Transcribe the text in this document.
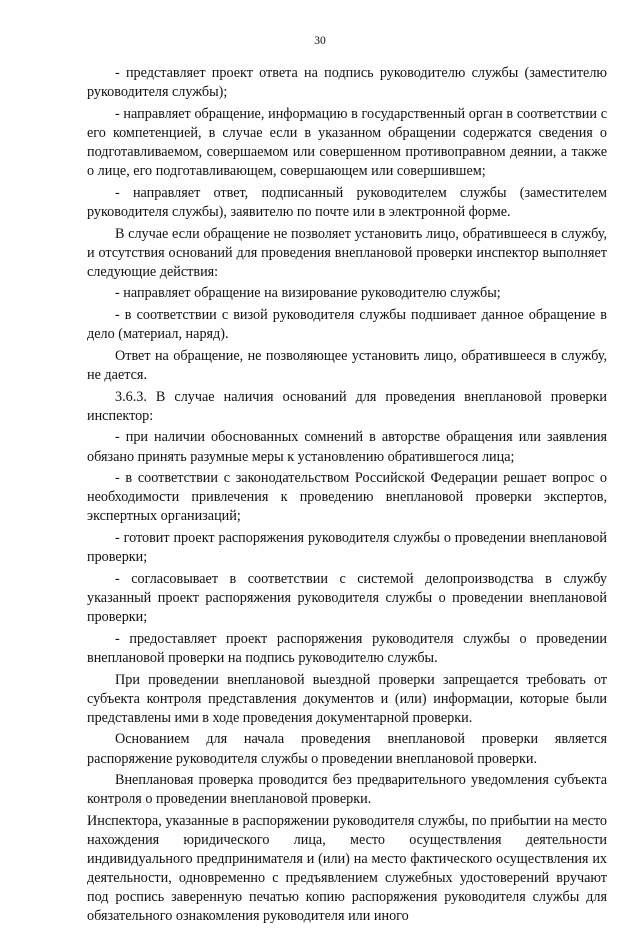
30

- представляет проект ответа на подпись руководителю службы (заместителю руководителя службы);

- направляет обращение, информацию в государственный орган в соответствии с его компетенцией, в случае если в указанном обращении содержатся сведения о подготавливаемом, совершаемом или совершенном противоправном деянии, а также о лице, его подготавливающем, совершающем или совершившем;

- направляет ответ, подписанный руководителем службы (заместителем руководителя службы), заявителю по почте или в электронной форме.

В случае если обращение не позволяет установить лицо, обратившееся в службу, и отсутствия оснований для проведения внеплановой проверки инспектор выполняет следующие действия:

- направляет обращение на визирование руководителю службы;

- в соответствии с визой руководителя службы подшивает данное обращение в дело (материал, наряд).

Ответ на обращение, не позволяющее установить лицо, обратившееся в службу, не дается.

3.6.3. В случае наличия оснований для проведения внеплановой проверки инспектор:

- при наличии обоснованных сомнений в авторстве обращения или заявления обязано принять разумные меры к установлению обратившегося лица;

- в соответствии с законодательством Российской Федерации решает вопрос о необходимости привлечения к проведению внеплановой проверки экспертов, экспертных организаций;

- готовит проект распоряжения руководителя службы о проведении внеплановой проверки;

- согласовывает в соответствии с системой делопроизводства в службу указанный проект распоряжения руководителя службы о проведении внеплановой проверки;

- предоставляет проект распоряжения руководителя службы о проведении внеплановой проверки на подпись руководителю службы.

При проведении внеплановой выездной проверки запрещается требовать от субъекта контроля представления документов и (или) информации, которые были представлены ими в ходе проведения документарной проверки.

Основанием для начала проведения внеплановой проверки является распоряжение руководителя службы о проведении внеплановой проверки.

Внеплановая проверка проводится без предварительного уведомления субъекта контроля о проведении внеплановой проверки.

Инспектора, указанные в распоряжении руководителя службы, по прибытии на место нахождения юридического лица, место осуществления деятельности индивидуального предпринимателя и (или) на место фактического осуществления их деятельности, одновременно с предъявлением служебных удостоверений вручают под роспись заверенную печатью копию распоряжения руководителя службы для обязательного ознакомления руководителя или иного
